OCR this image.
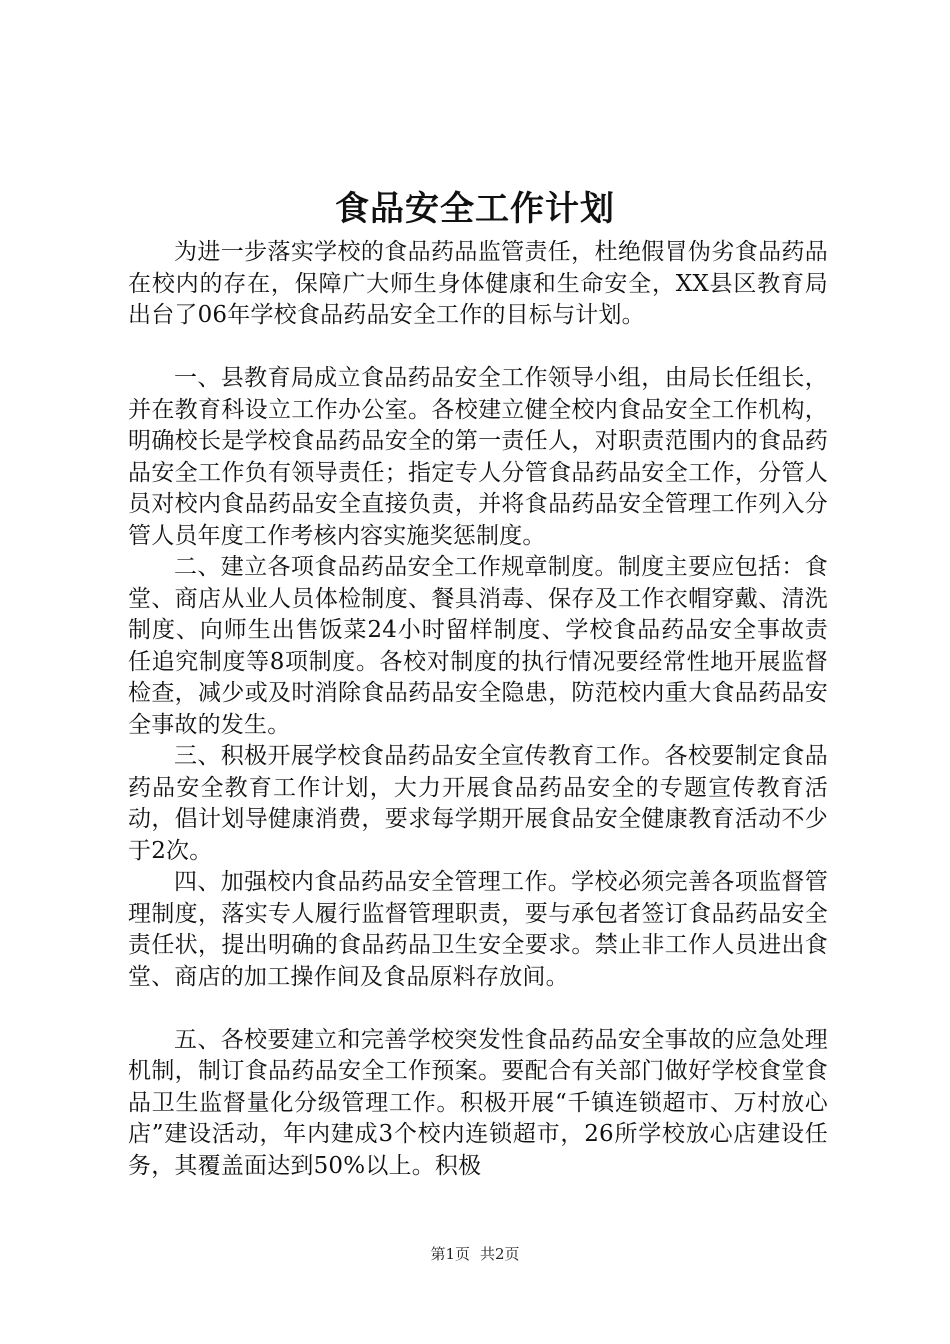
食品安全工作计划

为进一步落实学校的食品药品监管责任，杜绝假冒伪劣食品药品在校内的存在，保障广大师生身体健康和生命安全，XX县区教育局出台了06年学校食品药品安全工作的目标与计划。

一、县教育局成立食品药品安全工作领导小组，由局长任组长，并在教育科设立工作办公室。各校建立健全校内食品安全工作机构，明确校长是学校食品药品安全的第一责任人，对职责范围内的食品药品安全工作负有领导责任；指定专人分管食品药品安全工作，分管人员对校内食品药品安全直接负责，并将食品药品安全管理工作列入分管人员年度工作考核内容实施奖惩制度。

二、建立各项食品药品安全工作规章制度。制度主要应包括：食堂、商店从业人员体检制度、餐具消毒、保存及工作衣帽穿戴、清洗制度、向师生出售饭菜24小时留样制度、学校食品药品安全事故责任追究制度等8项制度。各校对制度的执行情况要经常性地开展监督检查，减少或及时消除食品药品安全隐患，防范校内重大食品药品安全事故的发生。

三、积极开展学校食品药品安全宣传教育工作。各校要制定食品药品安全教育工作计划，大力开展食品药品安全的专题宣传教育活动，倡计划导健康消费，要求每学期开展食品安全健康教育活动不少于2次。

四、加强校内食品药品安全管理工作。学校必须完善各项监督管理制度，落实专人履行监督管理职责，要与承包者签订食品药品安全责任状，提出明确的食品药品卫生安全要求。禁止非工作人员进出食堂、商店的加工操作间及食品原料存放间。

五、各校要建立和完善学校突发性食品药品安全事故的应急处理机制，制订食品药品安全工作预案。要配合有关部门做好学校食堂食品卫生监督量化分级管理工作。积极开展“千镇连锁超市、万村放心店”建设活动，年内建成3个校内连锁超市，26所学校放心店建设任务，其覆盖面达到50%以上。积极

第1页 共2页
